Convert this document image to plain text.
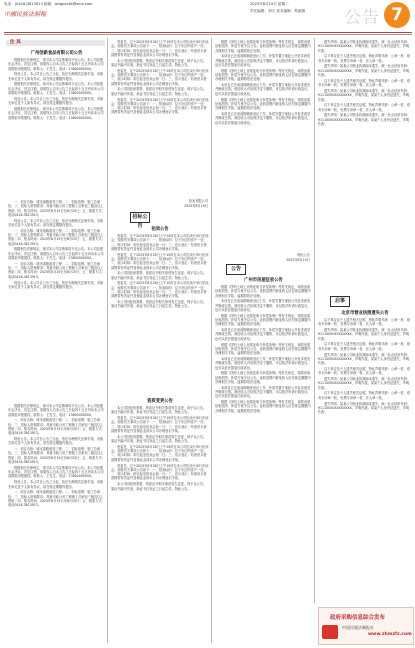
电话：(0416)3813913 邮箱：jzhgpxxfw@sina.com
中國民族法制報
2025年8月19日 星期二
责任编辑：刘宇 美术编辑：郑淑娟 公告 7
注 其
广州创新食品有限公司公告

根据相关法律规定，现对本公司注销事项予以公告。本公司经股东会决议，决定注销，请债权人自本公告之日起四十五日内向本公司清算组申报债权。联系人：王先生，电话：13800000000。

特此公告。本公司自公告之日起，依法办理相关注销手续，各相关单位及个人如有异议，请在规定期限内提出。

根据相关法律规定，现对本公司注销事项予以公告。本公司经股东会决议，决定注销，请债权人自本公告之日起四十五日内向本公司清算组申报债权。联系人：王先生，电话：13800000000。

特此公告。本公司自公告之日起，依法办理相关注销手续，各相关单位及个人如有异议，请在规定期限内提出。

根据相关法律规定，现对本公司注销事项予以公告。本公司经股东会决议，决定注销，请债权人自本公告之日起四十五日内向本公司清算组申报债权。联系人：王先生，电话：13800000000。

一、项目名称：城市道路改造工程；二、招标范围：施工总承包；三、投标人资格要求：具备市政公用工程施工总承包三级及以上资质；四、报名时间：2025年8月19日至8月25日；五、联系方式：电话0416-3813913。

特此公告。本公司自公告之日起，依法办理相关注销手续，各相关单位及个人如有异议，请在规定期限内提出。

一、项目名称：城市道路改造工程；二、招标范围：施工总承包；三、投标人资格要求：具备市政公用工程施工总承包三级及以上资质；四、报名时间：2025年8月19日至8月25日；五、联系方式：电话0416-3813913。

根据相关法律规定，现对本公司注销事项予以公告。本公司经股东会决议，决定注销，请债权人自本公告之日起四十五日内向本公司清算组申报债权。联系人：王先生，电话：13800000000。

一、项目名称：城市道路改造工程；二、招标范围：施工总承包；三、投标人资格要求：具备市政公用工程施工总承包三级及以上资质；四、报名时间：2025年8月19日至8月25日；五、联系方式：电话0416-3813913。

特此公告。本公司自公告之日起，依法办理相关注销手续，各相关单位及个人如有异议，请在规定期限内提出。

根据相关法律规定，现对本公司注销事项予以公告。本公司经股东会决议，决定注销，请债权人自本公告之日起四十五日内向本公司清算组申报债权。联系人：王先生，电话：13800000000。

一、项目名称：城市道路改造工程；二、招标范围：施工总承包；三、投标人资格要求：具备市政公用工程施工总承包三级及以上资质；四、报名时间：2025年8月19日至8月25日；五、联系方式：电话0416-3813913。

特此公告。本公司自公告之日起，依法办理相关注销手续，各相关单位及个人如有异议，请在规定期限内提出。

一、项目名称：城市道路改造工程；二、招标范围：施工总承包；三、投标人资格要求：具备市政公用工程施工总承包三级及以上资质；四、报名时间：2025年8月19日至8月25日；五、联系方式：电话0416-3813913。

根据相关法律规定，现对本公司注销事项予以公告。本公司经股东会决议，决定注销，请债权人自本公告之日起四十五日内向本公司清算组申报债权。联系人：王先生，电话：13800000000。

特此公告。本公司自公告之日起，依法办理相关注销手续，各相关单位及个人如有异议，请在规定期限内提出。

一、项目名称：城市道路改造工程；二、招标范围：施工总承包；三、投标人资格要求：具备市政公用工程施工总承包三级及以上资质；四、报名时间：2025年8月19日至8月25日；五、联系方式：电话0416-3813913。

受委托，定于2025年8月28日上午10时在本公司拍卖厅举行拍卖会，现将有关事项公告如下：一、拍卖标的：位于市区的房产一处；二、展示时间：即日起至拍卖会前一日；三、竞买登记：有意竞买者请携带有效证件及保证金到本公司办理登记手续。

本公司因经营需要，资质证书相关事项发生变更，现予以公告。原证书编号作废，新证书自发证之日起生效。特此公告。

受委托，定于2025年8月28日上午10时在本公司拍卖厅举行拍卖会，现将有关事项公告如下：一、拍卖标的：位于市区的房产一处；二、展示时间：即日起至拍卖会前一日；三、竞买登记：有意竞买者请携带有效证件及保证金到本公司办理登记手续。

本公司因经营需要，资质证书相关事项发生变更，现予以公告。原证书编号作废，新证书自发证之日起生效。特此公告。

受委托，定于2025年8月28日上午10时在本公司拍卖厅举行拍卖会，现将有关事项公告如下：一、拍卖标的：位于市区的房产一处；二、展示时间：即日起至拍卖会前一日；三、竞买登记：有意竞买者请携带有效证件及保证金到本公司办理登记手续。

拍卖有限公司
2025年8月19日
招标公告
拍卖公告

受委托，定于2025年8月28日上午10时在本公司拍卖厅举行拍卖会，现将有关事项公告如下：一、拍卖标的：位于市区的房产一处；二、展示时间：即日起至拍卖会前一日；三、竞买登记：有意竞买者请携带有效证件及保证金到本公司办理登记手续。

受委托，定于2025年8月28日上午10时在本公司拍卖厅举行拍卖会，现将有关事项公告如下：一、拍卖标的：位于市区的房产一处；二、展示时间：即日起至拍卖会前一日；三、竞买登记：有意竞买者请携带有效证件及保证金到本公司办理登记手续。

本公司因经营需要，资质证书相关事项发生变更，现予以公告。原证书编号作废，新证书自发证之日起生效。特此公告。

受委托，定于2025年8月28日上午10时在本公司拍卖厅举行拍卖会，现将有关事项公告如下：一、拍卖标的：位于市区的房产一处；二、展示时间：即日起至拍卖会前一日；三、竞买登记：有意竞买者请携带有效证件及保证金到本公司办理登记手续。

本公司因经营需要，资质证书相关事项发生变更，现予以公告。原证书编号作废，新证书自发证之日起生效。特此公告。

资质变更公告

本公司因经营需要，资质证书相关事项发生变更，现予以公告。原证书编号作废，新证书自发证之日起生效。特此公告。

受委托，定于2025年8月28日上午10时在本公司拍卖厅举行拍卖会，现将有关事项公告如下：一、拍卖标的：位于市区的房产一处；二、展示时间：即日起至拍卖会前一日；三、竞买登记：有意竞买者请携带有效证件及保证金到本公司办理登记手续。

本公司因经营需要，资质证书相关事项发生变更，现予以公告。原证书编号作废，新证书自发证之日起生效。特此公告。

受委托，定于2025年8月28日上午10时在本公司拍卖厅举行拍卖会，现将有关事项公告如下：一、拍卖标的：位于市区的房产一处；二、展示时间：即日起至拍卖会前一日；三、竞买登记：有意竞买者请携带有效证件及保证金到本公司办理登记手续。

受委托，定于2025年8月28日上午10时在本公司拍卖厅举行拍卖会，现将有关事项公告如下：一、拍卖标的：位于市区的房产一处；二、展示时间：即日起至拍卖会前一日；三、竞买登记：有意竞买者请携带有效证件及保证金到本公司办理登记手续。

本公司因经营需要，资质证书相关事项发生变更，现予以公告。原证书编号作废，新证书自发证之日起生效。特此公告。

根据《国有土地上房屋征收与补偿条例》等有关规定，现将房屋征收范围、补偿方案予以公告。征收范围内被征收人应在规定期限内办理相关手续，逾期将依法处理。

本项目已完成前期调查登记工作，补偿安置方案经公开征求意见并修改完善。被征收人对征收决定不服的，可以依法申请行政复议，也可以依法提起行政诉讼。

根据《国有土地上房屋征收与补偿条例》等有关规定，现将房屋征收范围、补偿方案予以公告。征收范围内被征收人应在规定期限内办理相关手续，逾期将依法处理。

本项目已完成前期调查登记工作，补偿安置方案经公开征求意见并修改完善。被征收人对征收决定不服的，可以依法申请行政复议，也可以依法提起行政诉讼。

根据《国有土地上房屋征收与补偿条例》等有关规定，现将房屋征收范围、补偿方案予以公告。征收范围内被征收人应在规定期限内办理相关手续，逾期将依法处理。

本项目已完成前期调查登记工作，补偿安置方案经公开征求意见并修改完善。被征收人对征收决定不服的，可以依法申请行政复议，也可以依法提起行政诉讼。

特此公告
2025年8月19日
公告
广州市房屋征收公告

根据《国有土地上房屋征收与补偿条例》等有关规定，现将房屋征收范围、补偿方案予以公告。征收范围内被征收人应在规定期限内办理相关手续，逾期将依法处理。

本项目已完成前期调查登记工作，补偿安置方案经公开征求意见并修改完善。被征收人对征收决定不服的，可以依法申请行政复议，也可以依法提起行政诉讼。

根据《国有土地上房屋征收与补偿条例》等有关规定，现将房屋征收范围、补偿方案予以公告。征收范围内被征收人应在规定期限内办理相关手续，逾期将依法处理。

本项目已完成前期调查登记工作，补偿安置方案经公开征求意见并修改完善。被征收人对征收决定不服的，可以依法申请行政复议，也可以依法提起行政诉讼。

根据《国有土地上房屋征收与补偿条例》等有关规定，现将房屋征收范围、补偿方案予以公告。征收范围内被征收人应在规定期限内办理相关手续，逾期将依法处理。

本项目已完成前期调查登记工作，补偿安置方案经公开征求意见并修改完善。被征收人对征收决定不服的，可以依法申请行政复议，也可以依法提起行政诉讼。

根据《国有土地上房屋征收与补偿条例》等有关规定，现将房屋征收范围、补偿方案予以公告。征收范围内被征收人应在规定期限内办理相关手续，逾期将依法处理。

本项目已完成前期调查登记工作，补偿安置方案经公开征求意见并修改完善。被征收人对征收决定不服的，可以依法申请行政复议，也可以依法提起行政诉讼。

根据《国有土地上房屋征收与补偿条例》等有关规定，现将房屋征收范围、补偿方案予以公告。征收范围内被征收人应在规定期限内办理相关手续，逾期将依法处理。

遗失声明：某某公司营业执照副本遗失，统一社会信用代码：91110000XXXXXXXX，声明作废。某某个人身份证遗失，声明作废。

以下单位及个人遗失相关证照，特此声明作废：公章一枚、财务专用章一枚、发票专用章一枚、法人章一枚。

遗失声明：某某公司营业执照副本遗失，统一社会信用代码：91110000XXXXXXXX，声明作废。某某个人身份证遗失，声明作废。

以下单位及个人遗失相关证照，特此声明作废：公章一枚、财务专用章一枚、发票专用章一枚、法人章一枚。

遗失声明：某某公司营业执照副本遗失，统一社会信用代码：91110000XXXXXXXX，声明作废。某某个人身份证遗失，声明作废。

以下单位及个人遗失相关证照，特此声明作废：公章一枚、财务专用章一枚、发票专用章一枚、法人章一枚。

遗失声明：某某公司营业执照副本遗失，统一社会信用代码：91110000XXXXXXXX，声明作废。某某个人身份证遗失，声明作废。

启事
北京市营业执照遗失公告

以下单位及个人遗失相关证照，特此声明作废：公章一枚、财务专用章一枚、发票专用章一枚、法人章一枚。

遗失声明：某某公司营业执照副本遗失，统一社会信用代码：91110000XXXXXXXX，声明作废。某某个人身份证遗失，声明作废。

以下单位及个人遗失相关证照，特此声明作废：公章一枚、财务专用章一枚、发票专用章一枚、法人章一枚。

遗失声明：某某公司营业执照副本遗失，统一社会信用代码：91110000XXXXXXXX，声明作废。某某个人身份证遗失，声明作废。

以下单位及个人遗失相关证照，特此声明作废：公章一枚、财务专用章一枚、发票专用章一枚、法人章一枚。

遗失声明：某某公司营业执照副本遗失，统一社会信用代码：91110000XXXXXXXX，声明作废。某某个人身份证遗失，声明作废。

以下单位及个人遗失相关证照，特此声明作废：公章一枚、财务专用章一枚、发票专用章一枚、法人章一枚。

遗失声明：某某公司营业执照副本遗失，统一社会信用代码：91110000XXXXXXXX，声明作废。某某个人身份证遗失，声明作废。

政府采购信息综合发布
中国民族法制报社
www.zhmzfz.com
